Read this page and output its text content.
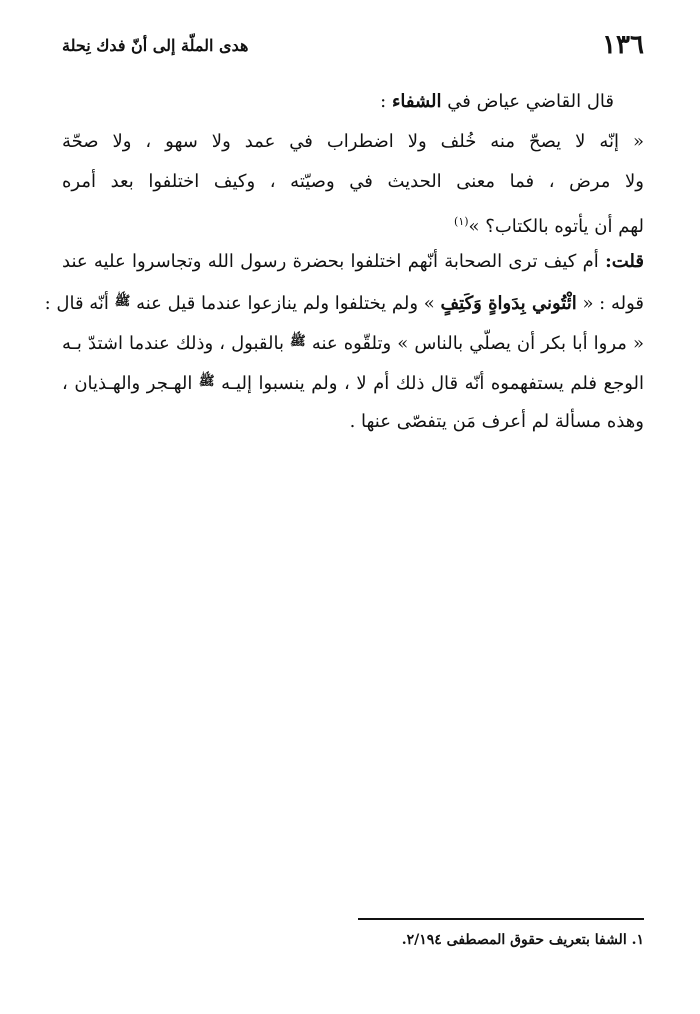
١٣٦
هدى الملّة إلى أنّ فدك نِحلة
قال القاضي عياض في الشفاء :
« إنّه لا يصحّ منه خُلف ولا اضطراب في عمد ولا سهو ، ولا صحّة
ولا مرض ، فما معنى الحديث في وصيّته ، وكيف اختلفوا بعد أمره
لهم أن يأتوه بالكتاب؟ »$^{(١)}$
قلت: أم كيف ترى الصحابة أنّهم اختلفوا بحضرة رسول الله وتجاسروا عليه عند
قوله : « ائْتُوني بِدَواةٍ وَكَتِفٍ » ولم يختلفوا ولم ينازعوا عندما قيل عنه $^ﷺ$ أنّه قال :
« مروا أبا بكر أن يصلّي بالناس » وتلقّوه عنه $^ﷺ$ بالقبول ، وذلك عندما اشتدّ بـه
الوجع فلم يستفهموه أنّه قال ذلك أم لا ، ولم ينسبوا إليـه $^ﷺ$ الهـجر والهـذيان ،
وهذه مسألة لم أعرف مَن يتفصّى عنها .
١. الشفا بتعريف حقوق المصطفى ٢/١٩٤.
